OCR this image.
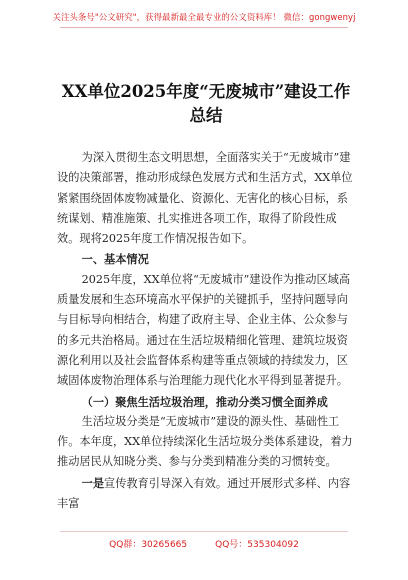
关注头条号"公文研究"，获得最新最全最专业的公文资料库！ 微信：gongwenyj
XX单位2025年度“无废城市”建设工作总结

为深入贯彻生态文明思想，全面落实关于“无废城市”建设的决策部署，推动形成绿色发展方式和生活方式，XX单位紧紧围绕固体废物减量化、资源化、无害化的核心目标，系统谋划、精准施策、扎实推进各项工作，取得了阶段性成效。现将2025年度工作情况报告如下。

一、基本情况

2025年度，XX单位将“无废城市”建设作为推动区域高质量发展和生态环境高水平保护的关键抓手，坚持问题导向与目标导向相结合，构建了政府主导、企业主体、公众参与的多元共治格局。通过在生活垃圾精细化管理、建筑垃圾资源化利用以及社会监督体系构建等重点领域的持续发力，区域固体废物治理体系与治理能力现代化水平得到显著提升。

（一）聚焦生活垃圾治理，推动分类习惯全面养成

生活垃圾分类是“无废城市”建设的源头性、基础性工作。本年度，XX单位持续深化生活垃圾分类体系建设，着力推动居民从知晓分类、参与分类到精准分类的习惯转变。

一是宣传教育引导深入有效。通过开展形式多样、内容丰富

QQ群：30265665	QQ号：535304092
